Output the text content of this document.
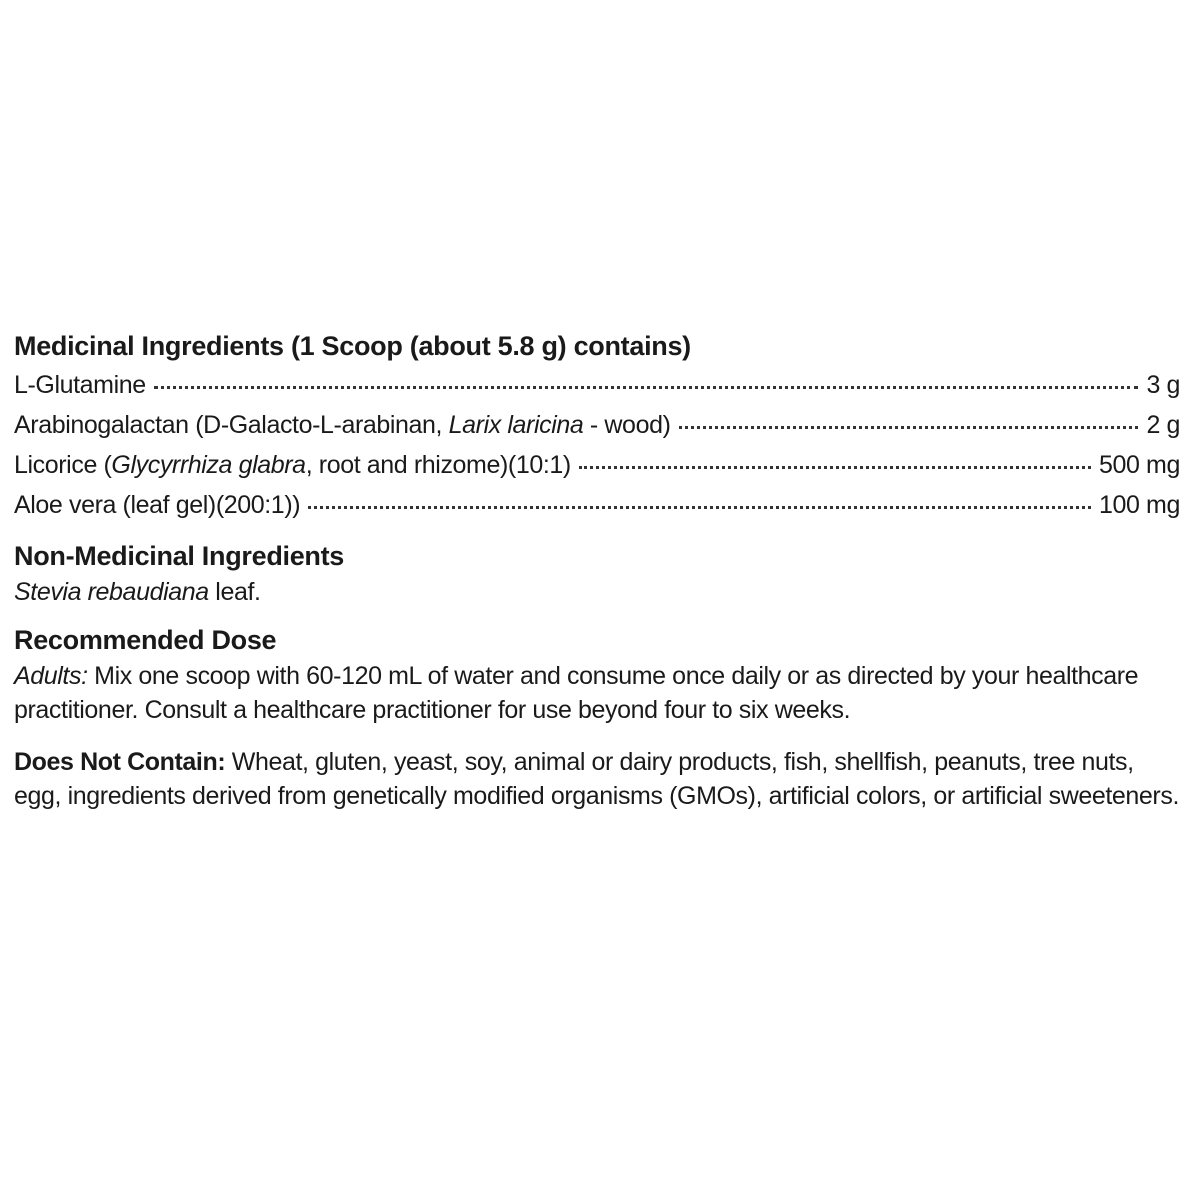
Medicinal Ingredients (1 Scoop (about 5.8 g) contains)
L-Glutamine	3 g
Arabinogalactan (D-Galacto-L-arabinan, Larix laricina - wood)	2 g
Licorice (Glycyrrhiza glabra, root and rhizome)(10:1)	500 mg
Aloe vera (leaf gel)(200:1))	100 mg
Non-Medicinal Ingredients
Stevia rebaudiana leaf.
Recommended Dose
Adults: Mix one scoop with 60-120 mL of water and consume once daily or as directed by your healthcare practitioner. Consult a healthcare practitioner for use beyond four to six weeks.
Does Not Contain: Wheat, gluten, yeast, soy, animal or dairy products, fish, shellfish, peanuts, tree nuts, egg, ingredients derived from genetically modified organisms (GMOs), artificial colors, or artificial sweeteners.
